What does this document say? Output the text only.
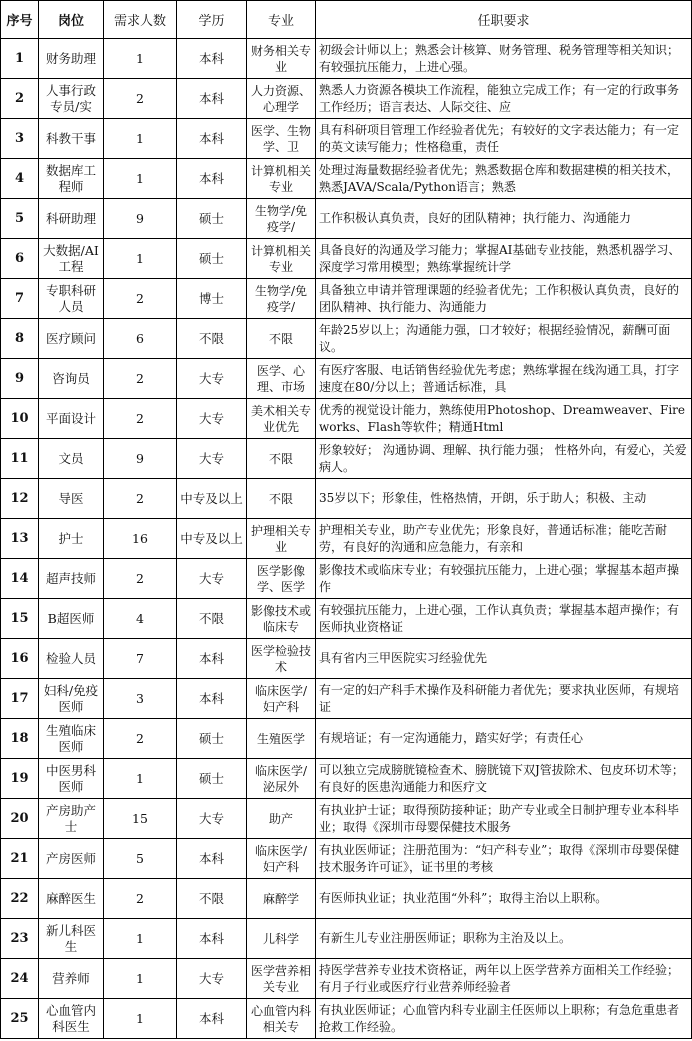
序号	岗位	需求人数	学历	专业	任职要求
1	财务助理	1	本科	财务相关专业	初级会计师以上；熟悉会计核算、财务管理、税务管理等相关知识；有较强抗压能力，上进心强。

2	人事行政专员/实	2	本科	人力资源、心理学	熟悉人力资源各模块工作流程，能独立完成工作；有一定的行政事务工作经历；语言表达、人际交往、应

3	科教干事	1	本科	医学、生物学、卫	具有科研项目管理工作经验者优先；有较好的文字表达能力；有一定的英文读写能力；性格稳重，责任

4	数据库工程师	1	本科	计算机相关专业	处理过海量数据经验者优先；熟悉数据仓库和数据建模的相关技术，熟悉JAVA/Scala/Python语言；熟悉

5	科研助理	9	硕士	生物学/免疫学/	工作积极认真负责，良好的团队精神；执行能力、沟通能力

6	大数据/AI工程	1	硕士	计算机相关专业	具备良好的沟通及学习能力；掌握AI基础专业技能，熟悉机器学习、深度学习常用模型；熟练掌握统计学

7	专职科研人员	2	博士	生物学/免疫学/	具备独立申请并管理课题的经验者优先；工作积极认真负责，良好的团队精神、执行能力、沟通能力

8	医疗顾问	6	不限	不限	年龄25岁以上；沟通能力强，口才较好；根据经验情况，薪酬可面议。

9	咨询员	2	大专	医学、心理、市场	有医疗客服、电话销售经验优先考虑；熟练掌握在线沟通工具，打字速度在80/分以上；普通话标准，具

10	平面设计	2	大专	美术相关专业优先	优秀的视觉设计能力，熟练使用Photoshop、Dreamweaver、Fireworks、Flash等软件；精通Html

11	文员	9	大专	不限	形象较好； 沟通协调、理解、执行能力强； 性格外向，有爱心，关爱病人。

12	导医	2	中专及以上	不限	35岁以下；形象佳，性格热情，开朗，乐于助人；积极、主动

13	护士	16	中专及以上	护理相关专业	护理相关专业，助产专业优先；形象良好，普通话标准；能吃苦耐劳，有良好的沟通和应急能力，有亲和

14	超声技师	2	大专	医学影像学、医学	影像技术或临床专业；有较强抗压能力，上进心强；掌握基本超声操作

15	B超医师	4	不限	影像技术或临床专	有较强抗压能力，上进心强，工作认真负责；掌握基本超声操作；有医师执业资格证

16	检验人员	7	本科	医学检验技术	具有省内三甲医院实习经验优先

17	妇科/免疫医师	3	本科	临床医学/妇产科	有一定的妇产科手术操作及科研能力者优先；要求执业医师，有规培证

18	生殖临床医师	2	硕士	生殖医学	有规培证；有一定沟通能力，踏实好学；有责任心

19	中医男科医师	1	硕士	临床医学/泌尿外	可以独立完成膀胱镜检查术、膀胱镜下双J管拔除术、包皮环切术等；有良好的医患沟通能力和医疗文

20	产房助产士	15	大专	助产	有执业护士证；取得预防接种证；助产专业或全日制护理专业本科毕业；取得《深圳市母婴保健技术服务

21	产房医师	5	本科	临床医学/妇产科	有执业医师证；注册范围为：“妇产科专业”；取得《深圳市母婴保健技术服务许可证》，证书里的考核

22	麻醉医生	2	不限	麻醉学	有医师执业证；执业范围“外科”；取得主治以上职称。

23	新儿科医生	1	本科	儿科学	有新生儿专业注册医师证；职称为主治及以上。

24	营养师	1	大专	医学营养相关专业	持医学营养专业技术资格证，两年以上医学营养方面相关工作经验；有月子行业或医疗行业营养师经验者

25	心血管内科医生	1	本科	心血管内科相关专	有执业医师证；心血管内科专业副主任医师以上职称；有急危重患者抢救工作经验。
